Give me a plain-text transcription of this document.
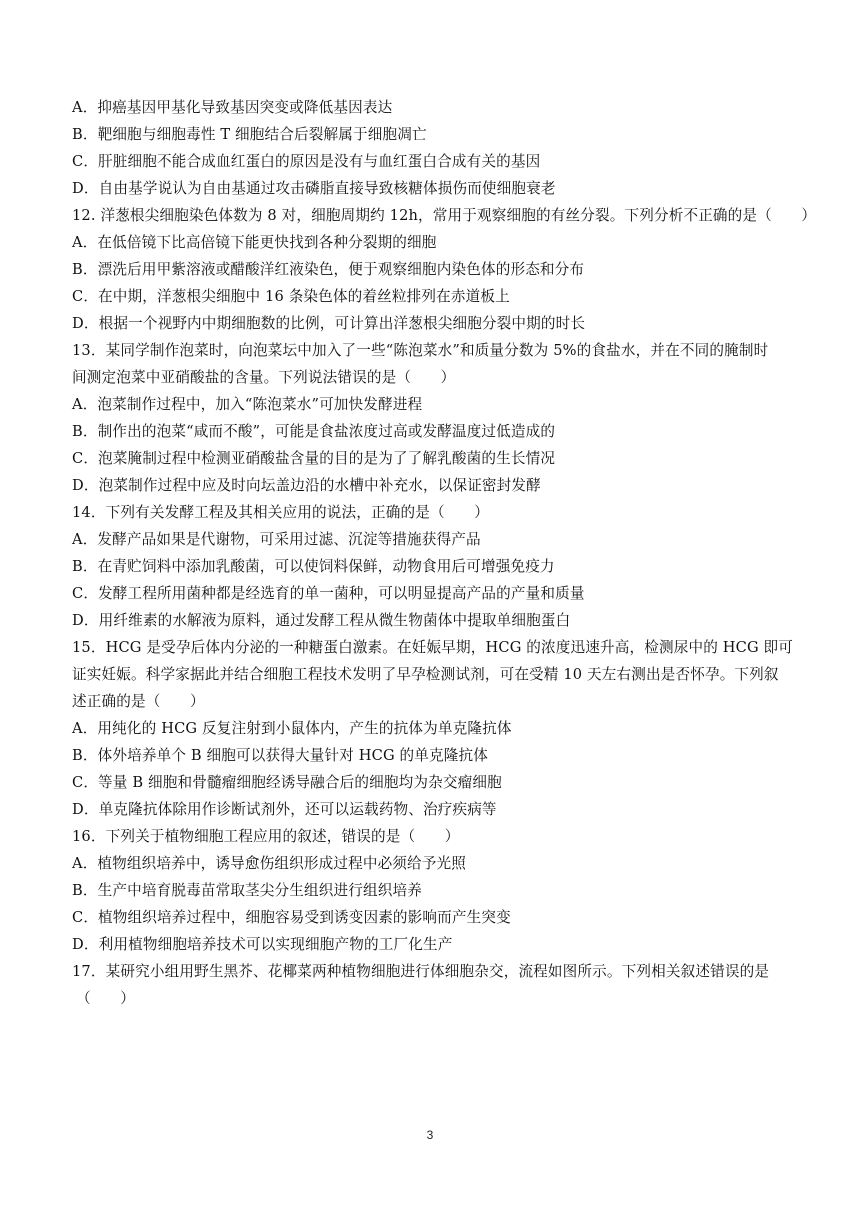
A．抑癌基因甲基化导致基因突变或降低基因表达
B．靶细胞与细胞毒性 T 细胞结合后裂解属于细胞凋亡
C．肝脏细胞不能合成血红蛋白的原因是没有与血红蛋白合成有关的基因
D．自由基学说认为自由基通过攻击磷脂直接导致核糖体损伤而使细胞衰老
12. 洋葱根尖细胞染色体数为 8 对，细胞周期约 12h，常用于观察细胞的有丝分裂。下列分析不正确的是（　　）
A．在低倍镜下比高倍镜下能更快找到各种分裂期的细胞
B．漂洗后用甲紫溶液或醋酸洋红液染色，便于观察细胞内染色体的形态和分布
C．在中期，洋葱根尖细胞中 16 条染色体的着丝粒排列在赤道板上
D．根据一个视野内中期细胞数的比例，可计算出洋葱根尖细胞分裂中期的时长
13．某同学制作泡菜时，向泡菜坛中加入了一些“陈泡菜水”和质量分数为 5%的食盐水，并在不同的腌制时
间测定泡菜中亚硝酸盐的含量。下列说法错误的是（　　）
A．泡菜制作过程中，加入“陈泡菜水”可加快发酵进程
B．制作出的泡菜“咸而不酸”，可能是食盐浓度过高或发酵温度过低造成的
C．泡菜腌制过程中检测亚硝酸盐含量的目的是为了了解乳酸菌的生长情况
D．泡菜制作过程中应及时向坛盖边沿的水槽中补充水，以保证密封发酵
14．下列有关发酵工程及其相关应用的说法，正确的是（　　）
A．发酵产品如果是代谢物，可采用过滤、沉淀等措施获得产品
B．在青贮饲料中添加乳酸菌，可以使饲料保鲜，动物食用后可增强免疫力
C．发酵工程所用菌种都是经选育的单一菌种，可以明显提高产品的产量和质量
D．用纤维素的水解液为原料，通过发酵工程从微生物菌体中提取单细胞蛋白
15．HCG 是受孕后体内分泌的一种糖蛋白激素。在妊娠早期，HCG 的浓度迅速升高，检测尿中的 HCG 即可
证实妊娠。科学家据此并结合细胞工程技术发明了早孕检测试剂，可在受精 10 天左右测出是否怀孕。下列叙
述正确的是（　　）
A．用纯化的 HCG 反复注射到小鼠体内，产生的抗体为单克隆抗体
B．体外培养单个 B 细胞可以获得大量针对 HCG 的单克隆抗体
C．等量 B 细胞和骨髓瘤细胞经诱导融合后的细胞均为杂交瘤细胞
D．单克隆抗体除用作诊断试剂外，还可以运载药物、治疗疾病等
16．下列关于植物细胞工程应用的叙述，错误的是（　　）
A．植物组织培养中，诱导愈伤组织形成过程中必须给予光照
B．生产中培育脱毒苗常取茎尖分生组织进行组织培养
C．植物组织培养过程中，细胞容易受到诱变因素的影响而产生突变
D．利用植物细胞培养技术可以实现细胞产物的工厂化生产
17．某研究小组用野生黑芥、花椰菜两种植物细胞进行体细胞杂交，流程如图所示。下列相关叙述错误的是
（　　）
3
